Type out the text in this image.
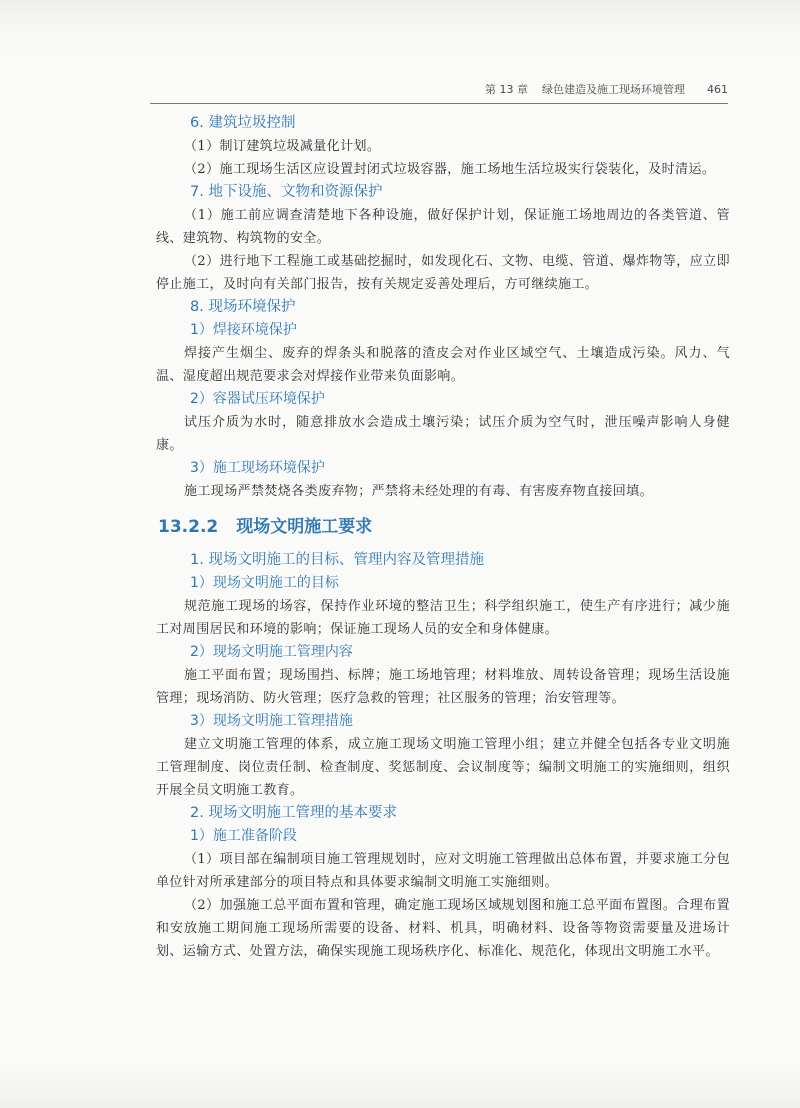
第 13 章 绿色建造及施工现场环境管理 461
6. 建筑垃圾控制
（1）制订建筑垃圾减量化计划。
（2）施工现场生活区应设置封闭式垃圾容器，施工场地生活垃圾实行袋装化，及时清运。
7. 地下设施、文物和资源保护
（1）施工前应调查清楚地下各种设施，做好保护计划，保证施工场地周边的各类管道、管线、建筑物、构筑物的安全。
（2）进行地下工程施工或基础挖掘时，如发现化石、文物、电缆、管道、爆炸物等，应立即停止施工，及时向有关部门报告，按有关规定妥善处理后，方可继续施工。
8. 现场环境保护
1）焊接环境保护
焊接产生烟尘、废弃的焊条头和脱落的渣皮会对作业区域空气、土壤造成污染。风力、气温、湿度超出规范要求会对焊接作业带来负面影响。
2）容器试压环境保护
试压介质为水时，随意排放水会造成土壤污染；试压介质为空气时，泄压噪声影响人身健康。
3）施工现场环境保护
施工现场严禁焚烧各类废弃物；严禁将未经处理的有毒、有害废弃物直接回填。
13.2.2 现场文明施工要求
1. 现场文明施工的目标、管理内容及管理措施
1）现场文明施工的目标
规范施工现场的场容，保持作业环境的整洁卫生；科学组织施工，使生产有序进行；减少施工对周围居民和环境的影响；保证施工现场人员的安全和身体健康。
2）现场文明施工管理内容
施工平面布置；现场围挡、标牌；施工场地管理；材料堆放、周转设备管理；现场生活设施管理；现场消防、防火管理；医疗急救的管理；社区服务的管理；治安管理等。
3）现场文明施工管理措施
建立文明施工管理的体系，成立施工现场文明施工管理小组；建立并健全包括各专业文明施工管理制度、岗位责任制、检查制度、奖惩制度、会议制度等；编制文明施工的实施细则，组织开展全员文明施工教育。
2. 现场文明施工管理的基本要求
1）施工准备阶段
（1）项目部在编制项目施工管理规划时，应对文明施工管理做出总体布置，并要求施工分包单位针对所承建部分的项目特点和具体要求编制文明施工实施细则。
（2）加强施工总平面布置和管理，确定施工现场区域规划图和施工总平面布置图。合理布置和安放施工期间施工现场所需要的设备、材料、机具，明确材料、设备等物资需要量及进场计划、运输方式、处置方法，确保实现施工现场秩序化、标准化、规范化，体现出文明施工水平。
